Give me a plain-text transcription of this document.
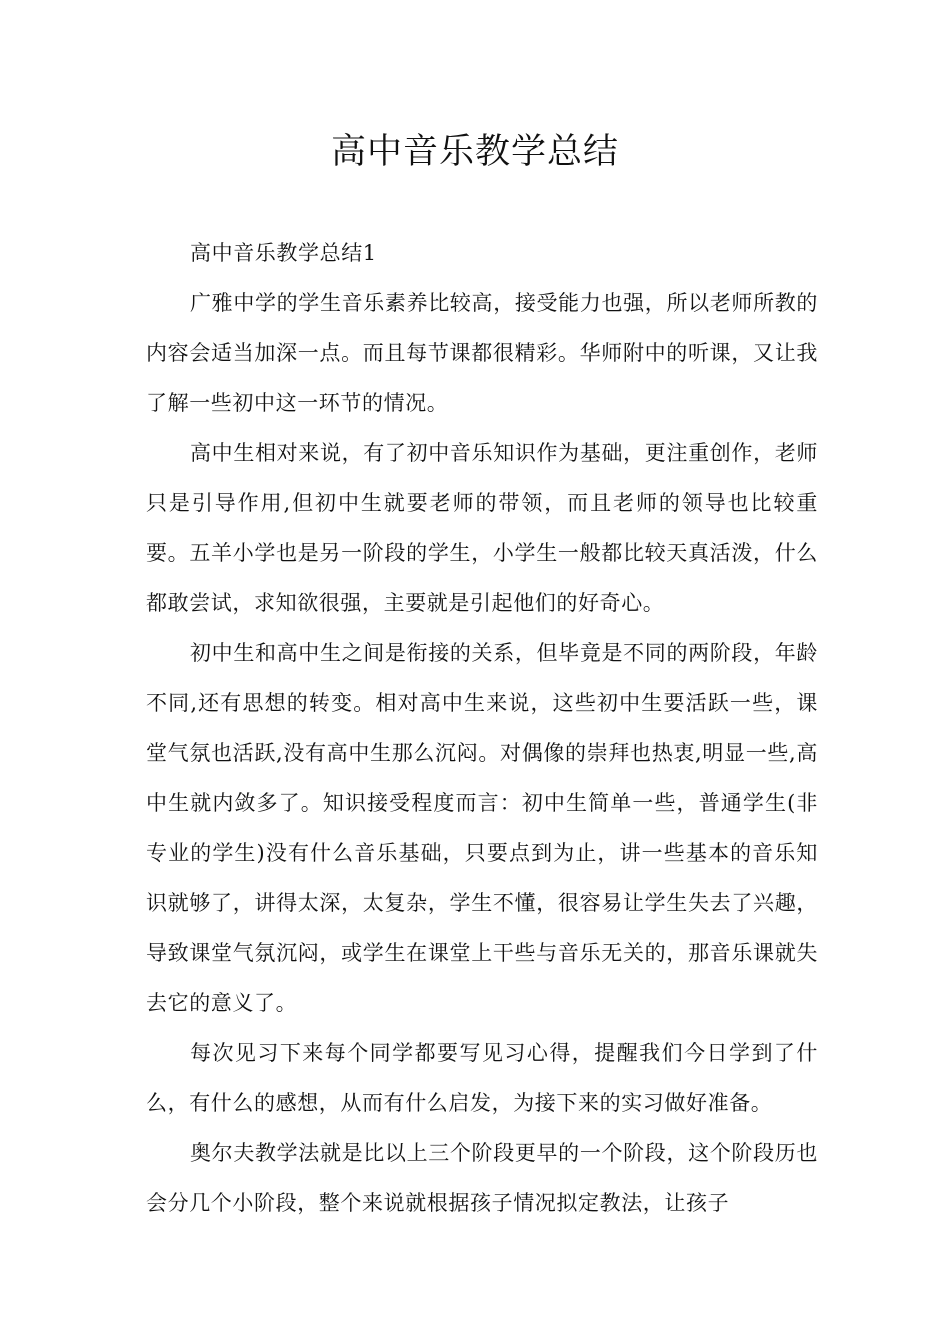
高中音乐教学总结

高中音乐教学总结1

广雅中学的学生音乐素养比较高，接受能力也强，所以老师所教的内容会适当加深一点。而且每节课都很精彩。华师附中的听课，又让我了解一些初中这一环节的情况。

高中生相对来说，有了初中音乐知识作为基础，更注重创作，老师只是引导作用,但初中生就要老师的带领，而且老师的领导也比较重要。五羊小学也是另一阶段的学生，小学生一般都比较天真活泼，什么都敢尝试，求知欲很强，主要就是引起他们的好奇心。

初中生和高中生之间是衔接的关系，但毕竟是不同的两阶段，年龄不同,还有思想的转变。相对高中生来说，这些初中生要活跃一些，课堂气氛也活跃,没有高中生那么沉闷。对偶像的崇拜也热衷,明显一些,高中生就内敛多了。知识接受程度而言：初中生简单一些，普通学生(非专业的学生)没有什么音乐基础，只要点到为止，讲一些基本的音乐知识就够了，讲得太深，太复杂，学生不懂，很容易让学生失去了兴趣，导致课堂气氛沉闷，或学生在课堂上干些与音乐无关的，那音乐课就失去它的意义了。

每次见习下来每个同学都要写见习心得，提醒我们今日学到了什么，有什么的感想，从而有什么启发，为接下来的实习做好准备。

奥尔夫教学法就是比以上三个阶段更早的一个阶段，这个阶段历也会分几个小阶段，整个来说就根据孩子情况拟定教法，让孩子
